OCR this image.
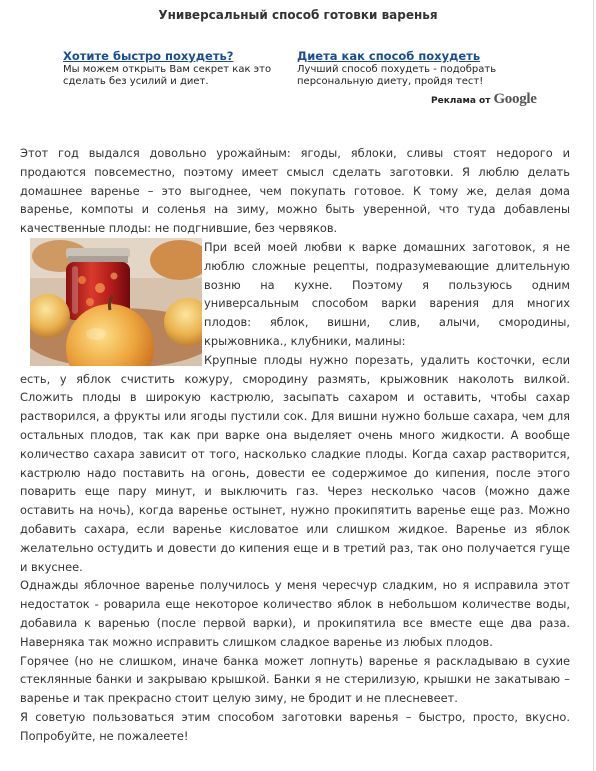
Универсальный способ готовки варенья
Хотите быстро похудеть?
Мы можем открыть Вам секрет как это сделать без усилий и диет.
Диета как способ похудеть
Лучший способ похудеть - подобрать персональную диету, пройдя тест!
Реклама от Google

Этот год выдался довольно урожайным: ягоды, яблоки, сливы стоят недорого и продаются повсеместно, поэтому имеет смысл сделать заготовки. Я люблю делать домашнее варенье – это выгоднее, чем покупать готовое. К тому же, делая дома варенье, компоты и соленья на зиму, можно быть уверенной, что туда добавлены качественные плоды: не подгнившие, без червяков.

При всей моей любви к варке домашних заготовок, я не люблю сложные рецепты, подразумевающие длительную возню на кухне. Поэтому я пользуюсь одним универсальным способом варки варения для многих плодов: яблок, вишни, слив, алычи, смородины, крыжовника., клубники, малины:

Крупные плоды нужно порезать, удалить косточки, если есть, у яблок счистить кожуру, смородину размять, крыжовник наколоть вилкой. Сложить плоды в широкую кастрюлю, засыпать сахаром и оставить, чтобы сахар растворился, а фрукты или ягоды пустили сок. Для вишни нужно больше сахара, чем для остальных плодов, так как при варке она выделяет очень много жидкости. А вообще количество сахара зависит от того, насколько сладкие плоды. Когда сахар растворится, кастрюлю надо поставить на огонь, довести ее содержимое до кипения, после этого поварить еще пару минут, и выключить газ. Через несколько часов (можно даже оставить на ночь), когда варенье остынет, нужно прокипятить варенье еще раз. Можно добавить сахара, если варенье кисловатое или слишком жидкое. Варенье из яблок желательно остудить и довести до кипения еще и в третий раз, так оно получается гуще и вкуснее.

Однажды яблочное варенье получилось у меня чересчур сладким, но я исправила этот недостаток - роварила еще некоторое количество яблок в небольшом количестве воды, добавила к варенью (после первой варки), и прокипятила все вместе еще два раза. Наверняка так можно исправить слишком сладкое варенье из любых плодов.

Горячее (но не слишком, иначе банка может лопнуть) варенье я раскладываю в сухие стеклянные банки и закрываю крышкой. Банки я не стерилизую, крышки не закатываю – варенье и так прекрасно стоит целую зиму, не бродит и не плесневеет.

Я советую пользоваться этим способом заготовки варенья – быстро, просто, вкусно. Попробуйте, не пожалеете!
